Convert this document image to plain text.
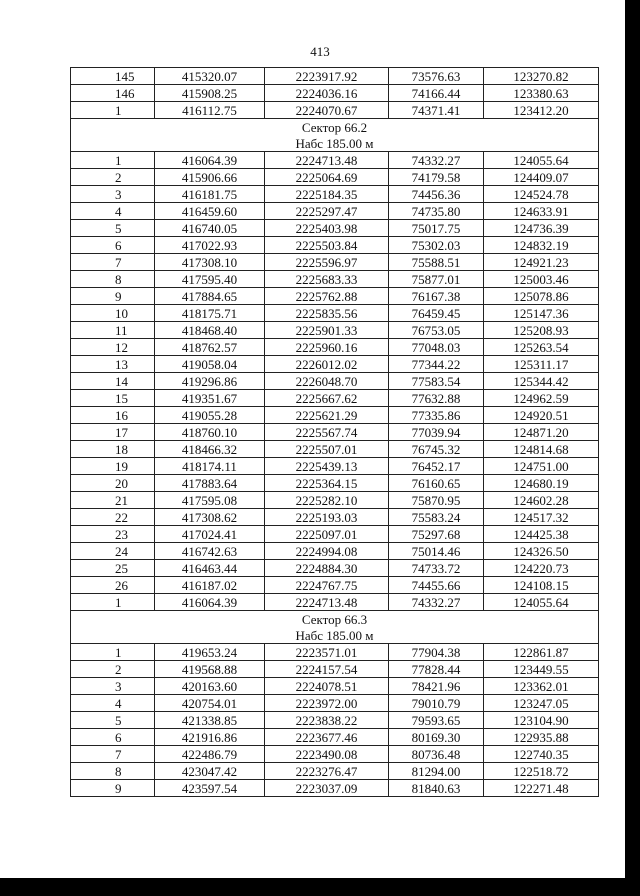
413
145	415320.07	2223917.92	73576.63	123270.82
146	415908.25	2224036.16	74166.44	123380.63
1	416112.75	2224070.67	74371.41	123412.20
Сектор 66.2				
Набс 185.00 м				
1	416064.39	2224713.48	74332.27	124055.64
2	415906.66	2225064.69	74179.58	124409.07
3	416181.75	2225184.35	74456.36	124524.78
4	416459.60	2225297.47	74735.80	124633.91
5	416740.05	2225403.98	75017.75	124736.39
6	417022.93	2225503.84	75302.03	124832.19
7	417308.10	2225596.97	75588.51	124921.23
8	417595.40	2225683.33	75877.01	125003.46
9	417884.65	2225762.88	76167.38	125078.86
10	418175.71	2225835.56	76459.45	125147.36
11	418468.40	2225901.33	76753.05	125208.93
12	418762.57	2225960.16	77048.03	125263.54
13	419058.04	2226012.02	77344.22	125311.17
14	419296.86	2226048.70	77583.54	125344.42
15	419351.67	2225667.62	77632.88	124962.59
16	419055.28	2225621.29	77335.86	124920.51
17	418760.10	2225567.74	77039.94	124871.20
18	418466.32	2225507.01	76745.32	124814.68
19	418174.11	2225439.13	76452.17	124751.00
20	417883.64	2225364.15	76160.65	124680.19
21	417595.08	2225282.10	75870.95	124602.28
22	417308.62	2225193.03	75583.24	124517.32
23	417024.41	2225097.01	75297.68	124425.38
24	416742.63	2224994.08	75014.46	124326.50
25	416463.44	2224884.30	74733.72	124220.73
26	416187.02	2224767.75	74455.66	124108.15
1	416064.39	2224713.48	74332.27	124055.64
Сектор 66.3				
Набс 185.00 м				
1	419653.24	2223571.01	77904.38	122861.87
2	419568.88	2224157.54	77828.44	123449.55
3	420163.60	2224078.51	78421.96	123362.01
4	420754.01	2223972.00	79010.79	123247.05
5	421338.85	2223838.22	79593.65	123104.90
6	421916.86	2223677.46	80169.30	122935.88
7	422486.79	2223490.08	80736.48	122740.35
8	423047.42	2223276.47	81294.00	122518.72
9	423597.54	2223037.09	81840.63	122271.48
